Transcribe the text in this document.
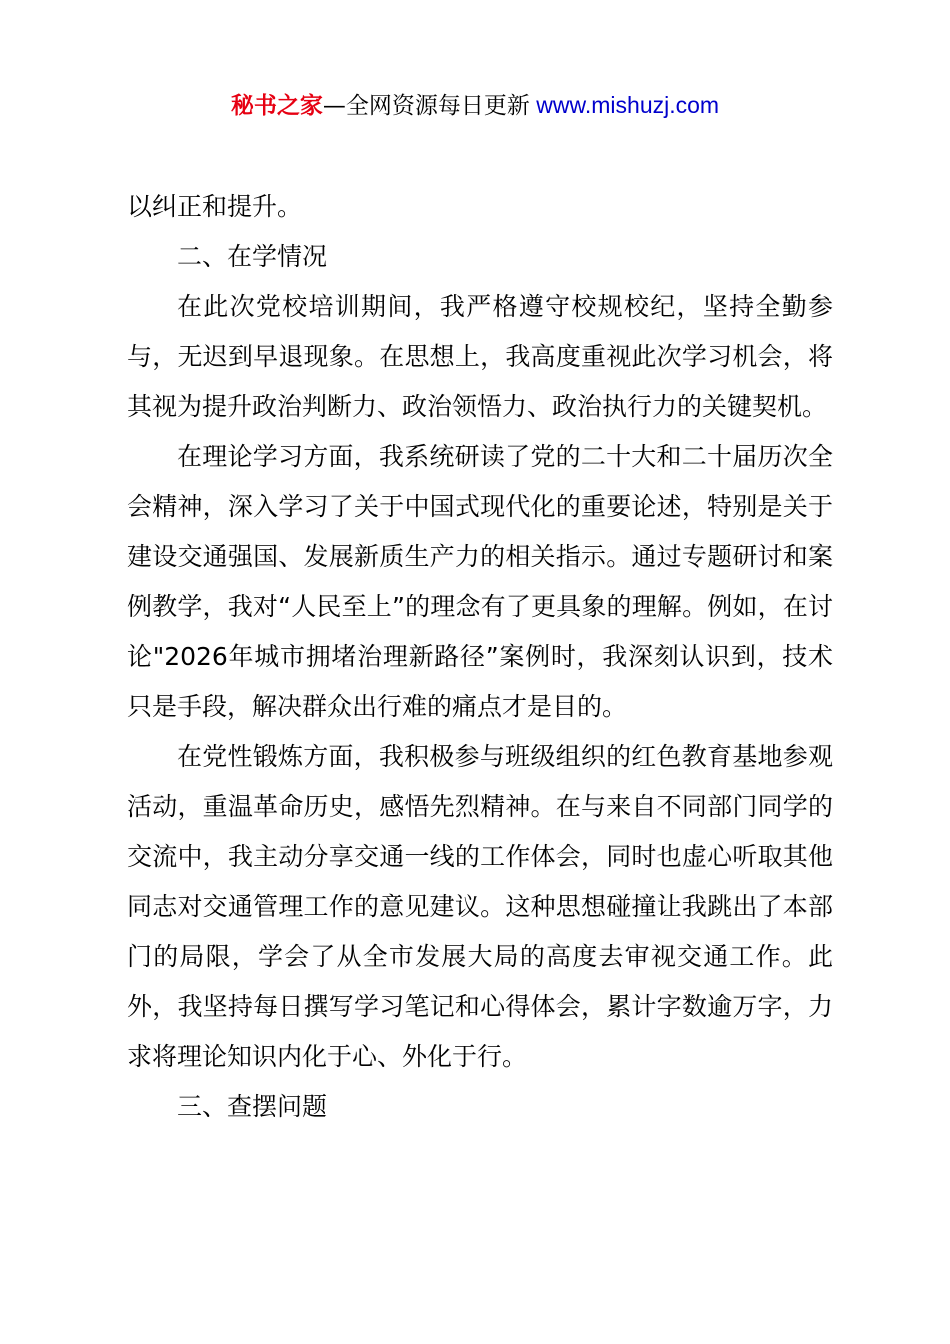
秘书之家—全网资源每日更新 www.mishuzj.com

以纠正和提升。

二、在学情况

在此次党校培训期间，我严格遵守校规校纪，坚持全勤参与，无迟到早退现象。在思想上，我高度重视此次学习机会，将其视为提升政治判断力、政治领悟力、政治执行力的关键契机。

在理论学习方面，我系统研读了党的二十大和二十届历次全会精神，深入学习了关于中国式现代化的重要论述，特别是关于建设交通强国、发展新质生产力的相关指示。通过专题研讨和案例教学，我对“人民至上”的理念有了更具象的理解。例如，在讨论"2026年城市拥堵治理新路径”案例时，我深刻认识到，技术只是手段，解决群众出行难的痛点才是目的。

在党性锻炼方面，我积极参与班级组织的红色教育基地参观活动，重温革命历史，感悟先烈精神。在与来自不同部门同学的交流中，我主动分享交通一线的工作体会，同时也虚心听取其他同志对交通管理工作的意见建议。这种思想碰撞让我跳出了本部门的局限，学会了从全市发展大局的高度去审视交通工作。此外，我坚持每日撰写学习笔记和心得体会，累计字数逾万字，力求将理论知识内化于心、外化于行。

三、查摆问题
